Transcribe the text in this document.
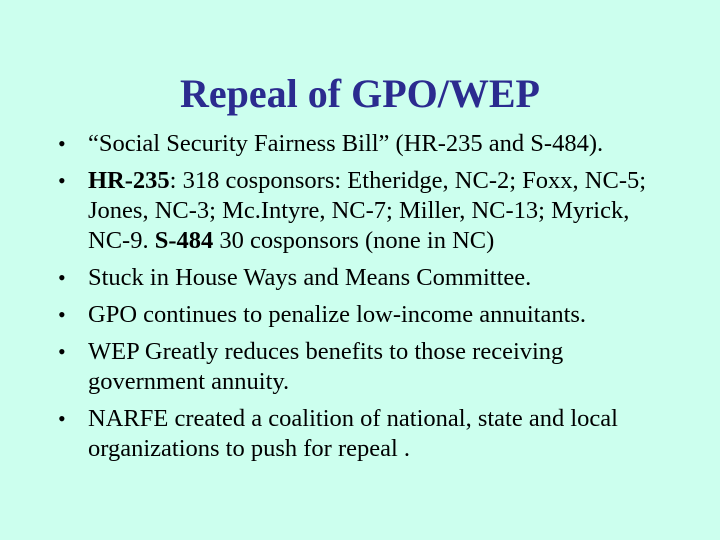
Repeal of GPO/WEP
• “Social Security Fairness Bill” (HR-235 and S-484).
• HR-235: 318 cosponsors: Etheridge, NC-2; Foxx, NC-5; Jones, NC-3; Mc.Intyre, NC-7; Miller, NC-13; Myrick, NC-9. S-484 30 cosponsors (none in NC)
• Stuck in House Ways and Means Committee.
• GPO continues to penalize low-income annuitants.
• WEP Greatly reduces benefits to those receiving government annuity.
• NARFE created a coalition of national, state and local organizations to push for repeal .
